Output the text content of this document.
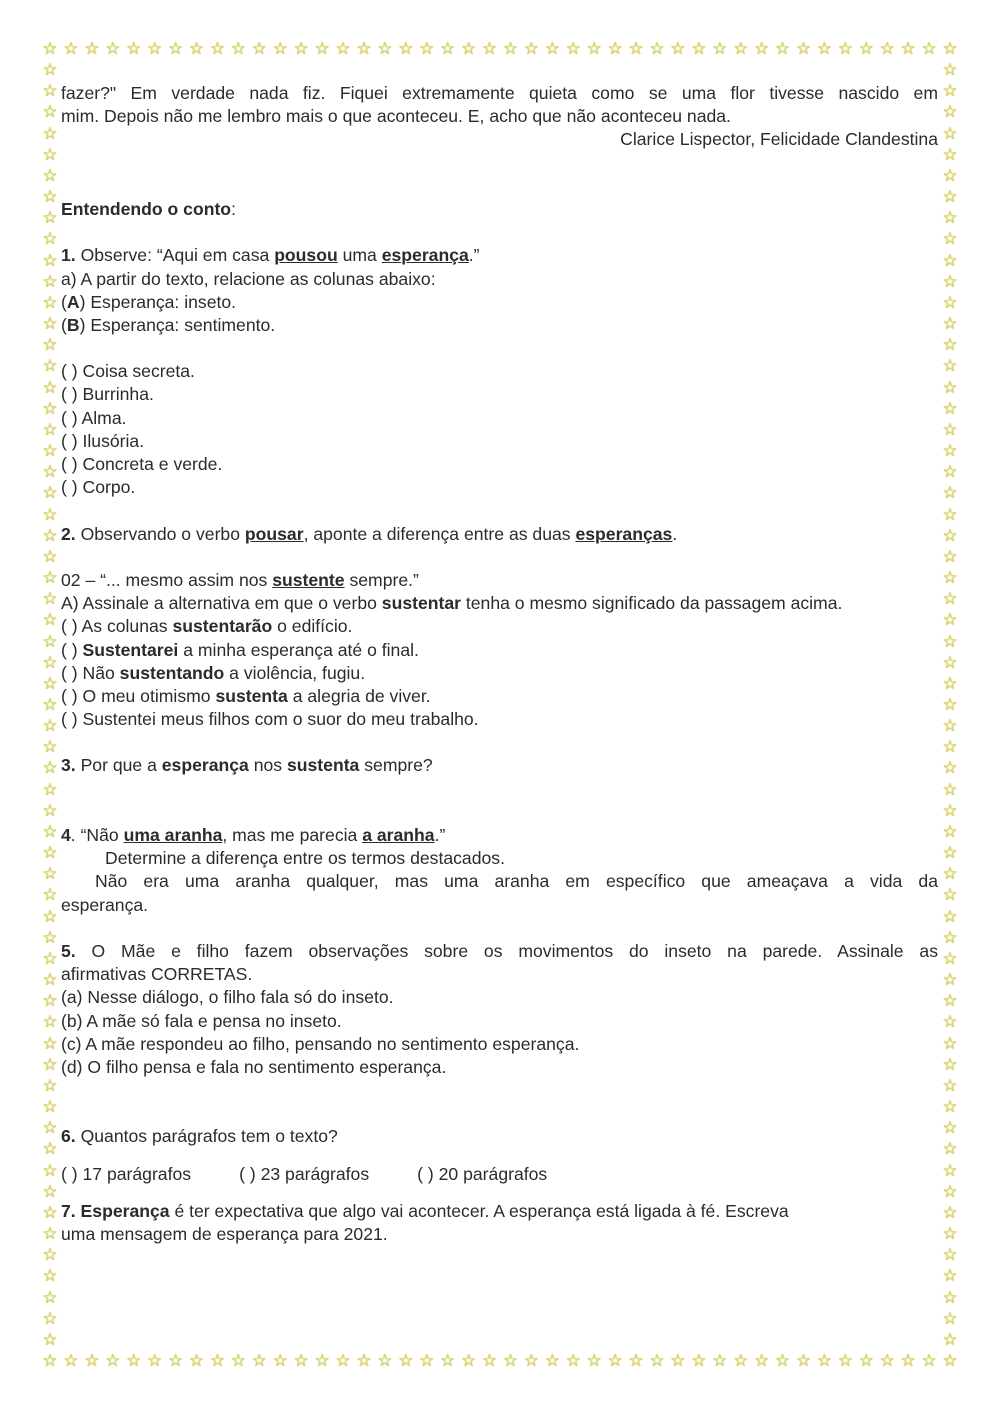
☆
☆
☆
☆
☆
☆
☆
☆
☆
☆
☆
☆
☆
☆
☆
☆
☆
☆
☆
☆
☆
☆
☆
☆
☆
☆
☆
☆
☆
☆
☆
☆
☆
☆
☆
☆
☆
☆
☆
☆
☆
☆
☆
☆
☆
☆
☆
☆
☆
☆
☆
☆
☆
☆
☆
☆
☆
☆
☆
☆
☆
☆
☆
☆
☆
☆
☆
☆
☆
☆
☆
☆
☆
☆
☆
☆
☆
☆
☆
☆
☆
☆
☆
☆
☆
☆
☆
☆
☆	☆
☆	☆
☆	☆
☆	☆
☆	☆
☆	☆
☆	☆
☆	☆
☆	☆
☆	☆
☆	☆
☆	☆
☆	☆
☆	☆
☆	☆
☆	☆
☆	☆
☆	☆
☆	☆
☆	☆
☆	☆
☆	☆
☆	☆
☆	☆
☆	☆
☆	☆
☆	☆
☆	☆
☆	☆
☆	☆
☆	☆
☆	☆
☆	☆
☆	☆
☆	☆
☆	☆
☆	☆
☆	☆
☆	☆
☆	☆
☆	☆
☆	☆
☆	☆
☆	☆
☆	☆
☆	☆
☆	☆
☆	☆
☆	☆
☆	☆
☆	☆
☆	☆
☆	☆
☆	☆
☆	☆
☆	☆
☆	☆
☆	☆
☆	☆
☆	☆
☆	☆
fazer?" Em verdade nada fiz. Fiquei extremamente quieta como se uma flor tivesse nascido em
mim. Depois não me lembro mais o que aconteceu. E, acho que não aconteceu nada.
Clarice Lispector, Felicidade Clandestina
Entendendo o conto:
1. Observe: “Aqui em casa pousou uma esperança.”
a) A partir do texto, relacione as colunas abaixo:
(A) Esperança: inseto.
(B) Esperança: sentimento.
( ) Coisa secreta.
( ) Burrinha.
( ) Alma.
( ) Ilusória.
( ) Concreta e verde.
( ) Corpo.
2. Observando o verbo pousar, aponte a diferença entre as duas esperanças.
02 – “... mesmo assim nos sustente sempre.”
A) Assinale a alternativa em que o verbo sustentar tenha o mesmo significado da passagem acima.
( ) As colunas sustentarão o edifício.
( ) Sustentarei a minha esperança até o final.
( ) Não sustentando a violência, fugiu.
( ) O meu otimismo sustenta a alegria de viver.
( ) Sustentei meus filhos com o suor do meu trabalho.
3. Por que a esperança nos sustenta sempre?
4. “Não uma aranha, mas me parecia a aranha.”
Determine a diferença entre os termos destacados.
Não era uma aranha qualquer, mas uma aranha em específico que ameaçava a vida da
esperança.
5. O Mãe e filho fazem observações sobre os movimentos do inseto na parede. Assinale as
afirmativas CORRETAS.
(a) Nesse diálogo, o filho fala só do inseto.
(b) A mãe só fala e pensa no inseto.
(c) A mãe respondeu ao filho, pensando no sentimento esperança.
(d) O filho pensa e fala no sentimento esperança.
6. Quantos parágrafos tem o texto?
( ) 17 parágrafos	( ) 23 parágrafos	( ) 20 parágrafos
7. Esperança é ter expectativa que algo vai acontecer. A esperança está ligada à fé. Escreva
uma mensagem de esperança para 2021.
